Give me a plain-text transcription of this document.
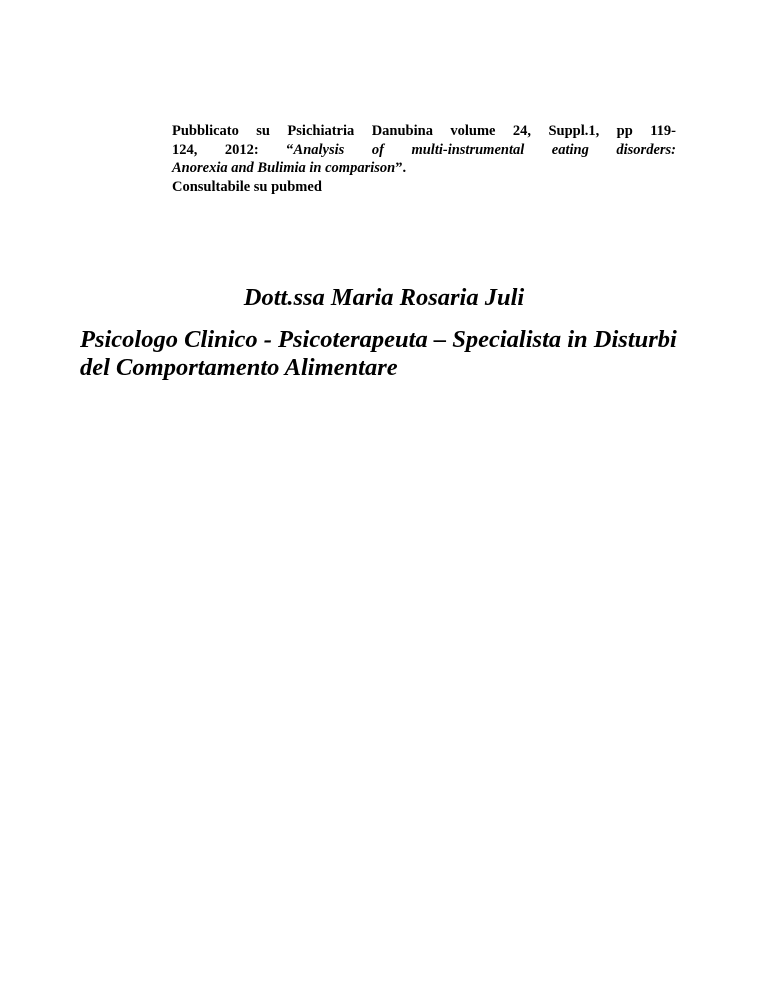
Pubblicato su Psichiatria Danubina volume 24, Suppl.1, pp 119-
124, 2012: “Analysis of multi-instrumental eating disorders:
Anorexia and Bulimia in comparison”.
Consultabile su pubmed
Dott.ssa Maria Rosaria Juli
Psicologo Clinico - Psicoterapeuta – Specialista in Disturbi
del Comportamento Alimentare
